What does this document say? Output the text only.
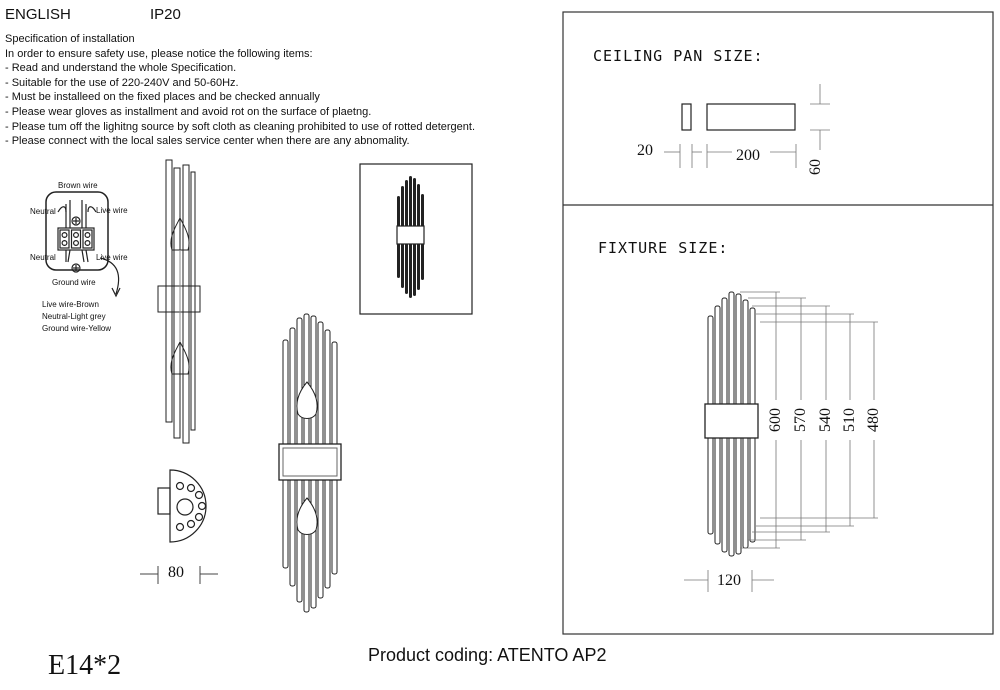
ENGLISH	IP20
Specification of installation
In order to ensure safety use, please notice the following items:
- Read and understand the whole Specification.
- Suitable for the use of 220-240V and 50-60Hz.
- Must be installeed on the fixed places and be checked annually
- Please wear gloves as installment and avoid rot on the surface of plaetng.
- Please tum off the lighitng source by soft cloth as cleaning prohibited to use of rotted detergent.
- Please connect with the local sales service center when there are any abnomality.
Brown wire
Neutral	Live wire
Neutral	Live wire
Ground wire
Live wire-Brown
Neutral-Light grey
Ground wire-Yellow
80
E14*2	Product coding: ATENTO AP2
CEILING PAN SIZE:
20	200
60
FIXTURE SIZE:
600 570 540 510 480
120
